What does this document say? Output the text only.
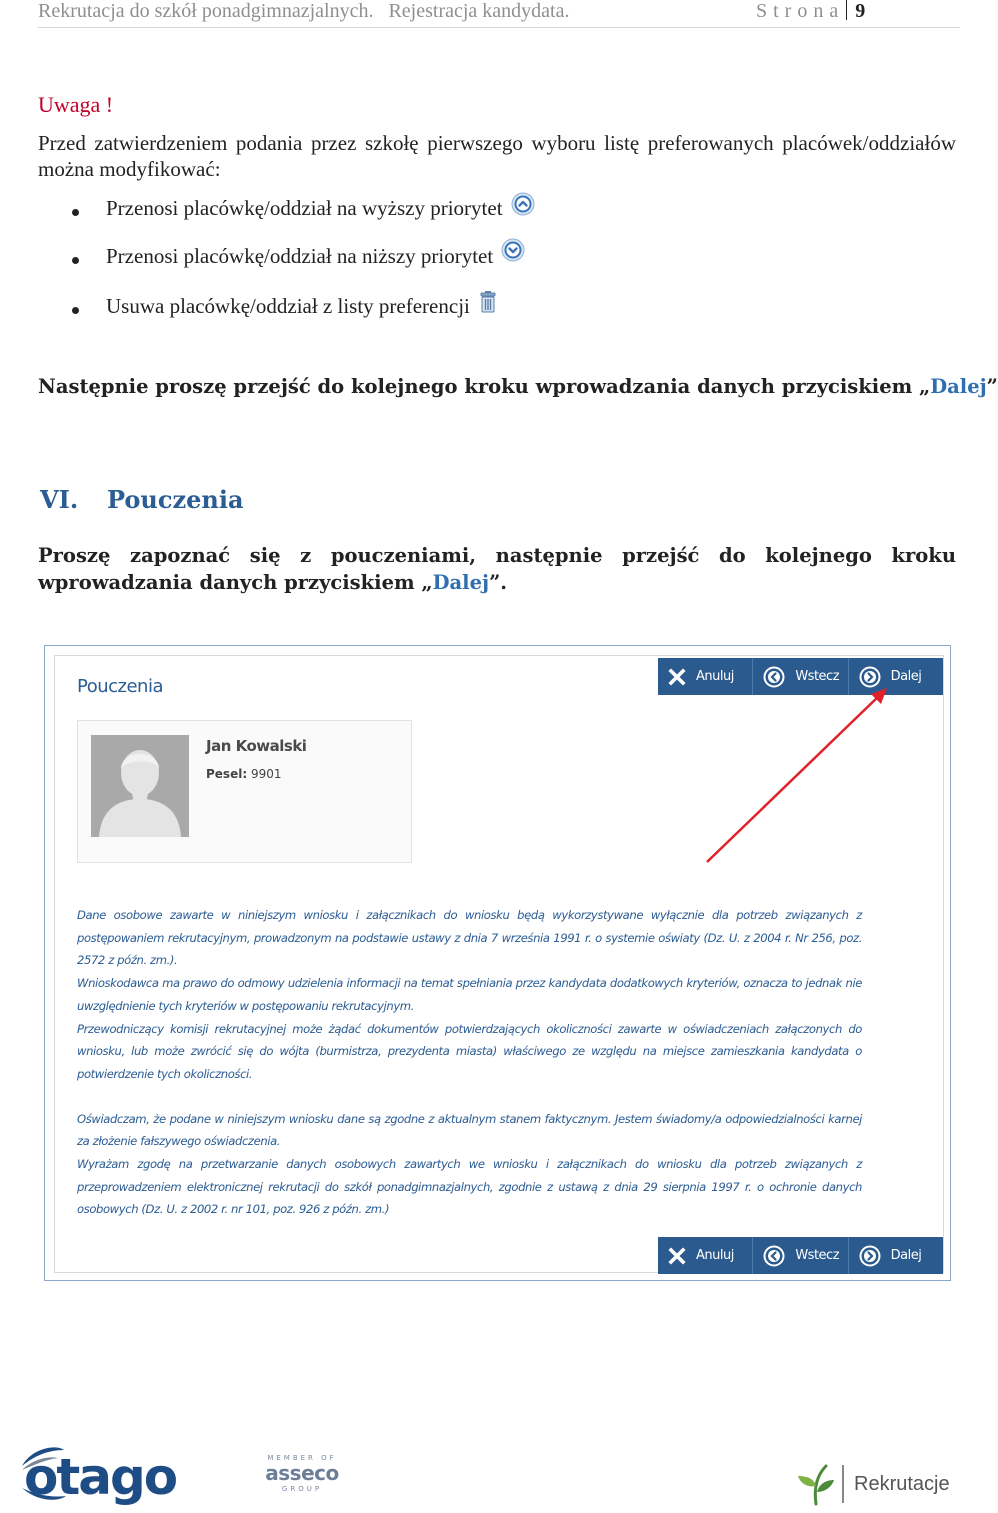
Rekrutacja do szkół ponadgimnazjalnych. Rejestracja kandydata.	Strona 9
Uwaga !
Przed zatwierdzeniem podania przez szkołę pierwszego wyboru listę preferowanych placówek/oddziałów można modyfikować:
Przenosi placówkę/oddział na wyższy priorytet
Przenosi placówkę/oddział na niższy priorytet
Usuwa placówkę/oddział z listy preferencji
Następnie proszę przejść do kolejnego kroku wprowadzania danych przyciskiem „Dalej”
VI. Pouczenia
Proszę zapoznać się z pouczeniami, następnie przejść do kolejnego kroku wprowadzania danych przyciskiem „Dalej”.
Pouczenia	Anuluj	Wstecz	Dalej
Jan Kowalski
Pesel: 9901

Dane osobowe zawarte w niniejszym wniosku i załącznikach do wniosku będą wykorzystywane wyłącznie dla potrzeb związanych z postępowaniem rekrutacyjnym, prowadzonym na podstawie ustawy z dnia 7 września 1991 r. o systemie oświaty (Dz. U. z 2004 r. Nr 256, poz. 2572 z późn. zm.).

Wnioskodawca ma prawo do odmowy udzielenia informacji na temat spełniania przez kandydata dodatkowych kryteriów, oznacza to jednak nie uwzględnienie tych kryteriów w postępowaniu rekrutacyjnym.

Przewodniczący komisji rekrutacyjnej może żądać dokumentów potwierdzających okoliczności zawarte w oświadczeniach załączonych do wniosku, lub może zwrócić się do wójta (burmistrza, prezydenta miasta) właściwego ze względu na miejsce zamieszkania kandydata o potwierdzenie tych okoliczności.

Oświadczam, że podane w niniejszym wniosku dane są zgodne z aktualnym stanem faktycznym. Jestem świadomy/a odpowiedzialności karnej za złożenie fałszywego oświadczenia.

Wyrażam zgodę na przetwarzanie danych osobowych zawartych we wniosku i załącznikach do wniosku dla potrzeb związanych z przeprowadzeniem elektronicznej rekrutacji do szkół ponadgimnazjalnych, zgodnie z ustawą z dnia 29 sierpnia 1997 r. o ochronie danych osobowych (Dz. U. z 2002 r. nr 101, poz. 926 z późn. zm.)

Anuluj	Wstecz	Dalej
otago	MEMBER OF
asseco
GROUP	Rekrutacje
